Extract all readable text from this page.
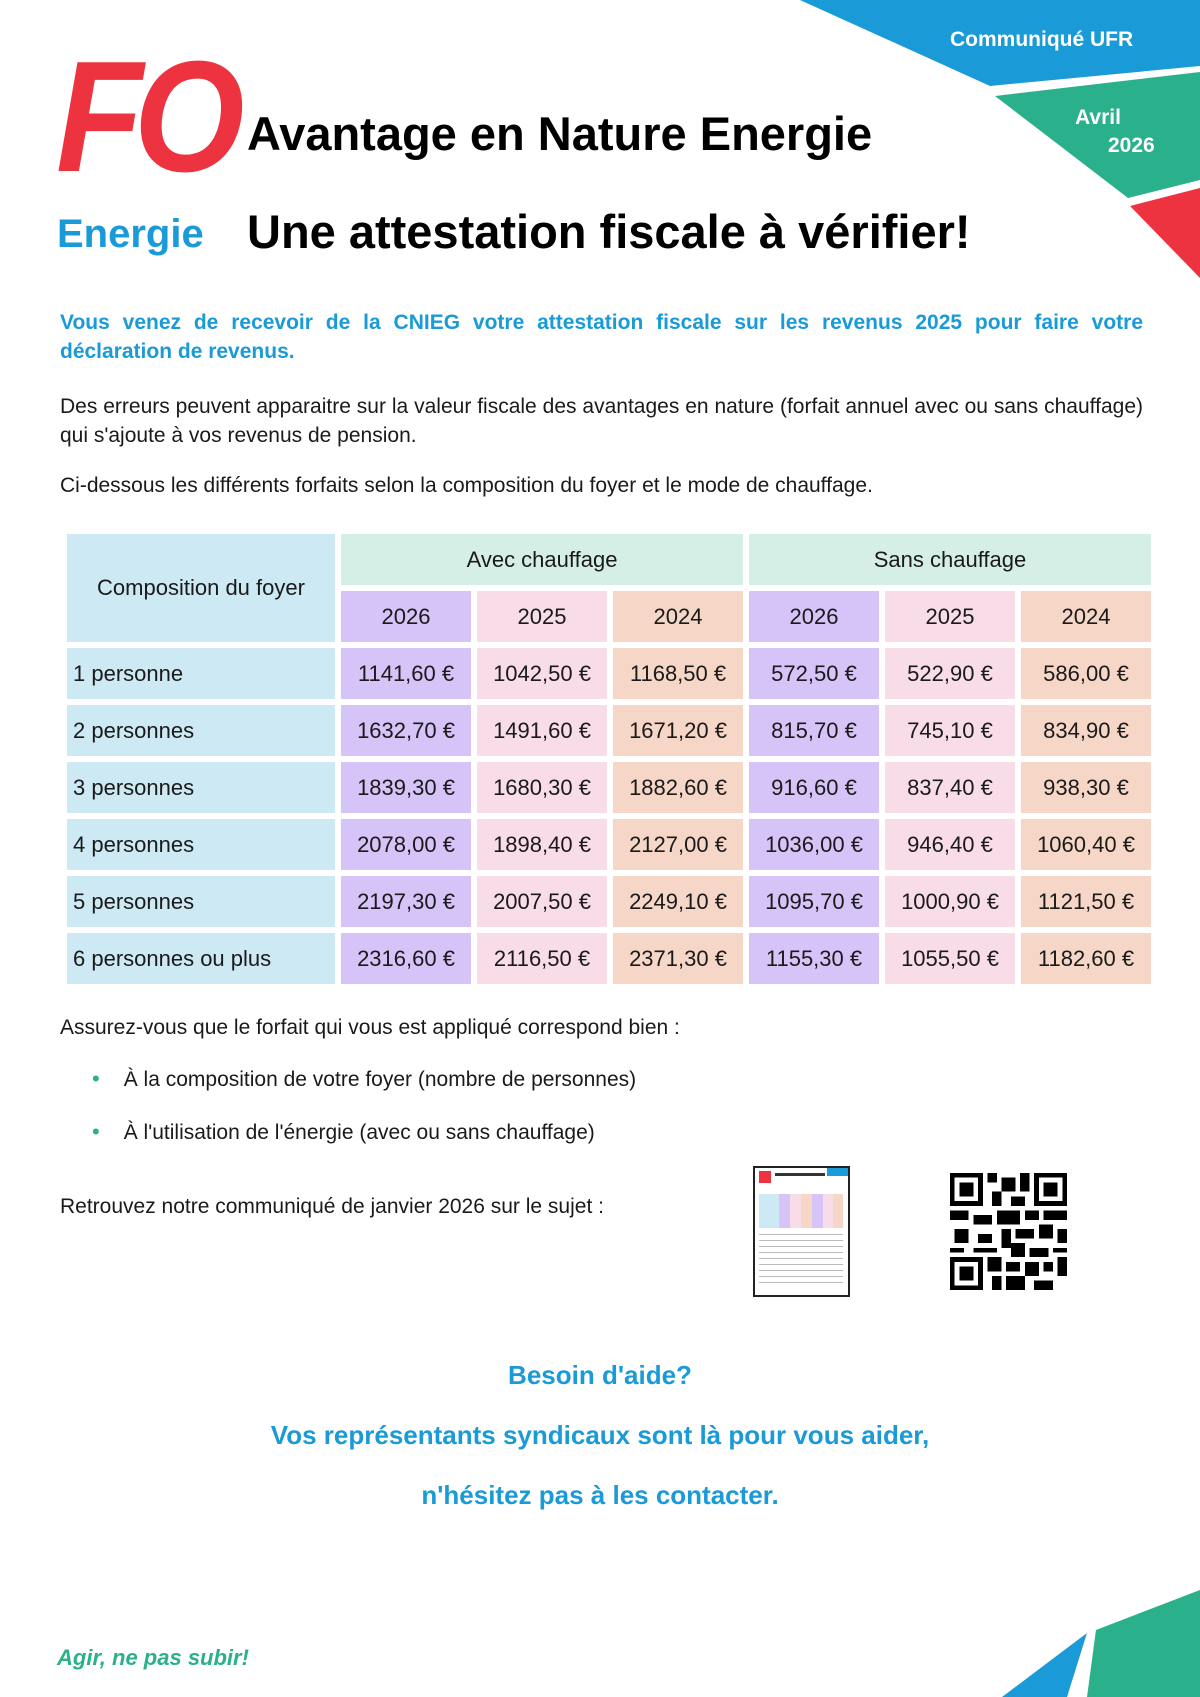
Communiqué UFR
Avril
2026
FO
Energie
Avantage en Nature Energie
Une attestation fiscale à vérifier!
Vous venez de recevoir de la CNIEG votre attestation fiscale sur les revenus 2025 pour faire votre déclaration de revenus.
Des erreurs peuvent apparaitre sur la valeur fiscale des avantages en nature (forfait annuel avec ou sans chauffage) qui s'ajoute à vos revenus de pension.
Ci-dessous les différents forfaits selon la composition du foyer et le mode de chauffage.
Composition du foyer	Avec chauffage			Sans chauffage		
	2026	2025	2024	2026	2025	2024
1 personne	1141,60 €	1042,50 €	1168,50 €	572,50 €	522,90 €	586,00 €
2 personnes	1632,70 €	1491,60 €	1671,20 €	815,70 €	745,10 €	834,90 €
3 personnes	1839,30 €	1680,30 €	1882,60 €	916,60 €	837,40 €	938,30 €
4 personnes	2078,00 €	1898,40 €	2127,00 €	1036,00 €	946,40 €	1060,40 €
5 personnes	2197,30 €	2007,50 €	2249,10 €	1095,70 €	1000,90 €	1121,50 €
6 personnes ou plus	2316,60 €	2116,50 €	2371,30 €	1155,30 €	1055,50 €	1182,60 €
Assurez-vous que le forfait qui vous est appliqué correspond bien :
• À la composition de votre foyer (nombre de personnes)
• À l'utilisation de l'énergie (avec ou sans chauffage)
Retrouvez notre communiqué de janvier 2026 sur le sujet :
Besoin d'aide?
Vos représentants syndicaux sont là pour vous aider,
n'hésitez pas à les contacter.
Agir, ne pas subir!
